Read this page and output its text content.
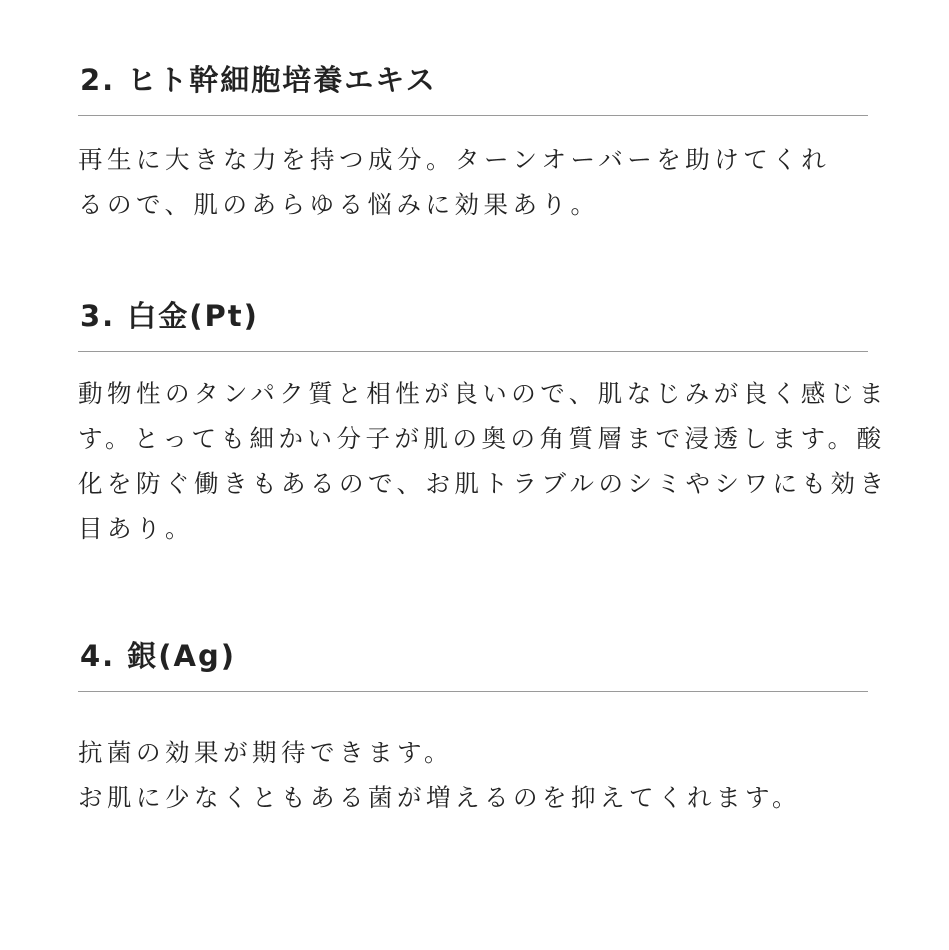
2. ヒト幹細胞培養エキス

再生に大きな力を持つ成分。ターンオーバーを助けてくれ
るので、肌のあらゆる悩みに効果あり。

3. 白金(Pt)

動物性のタンパク質と相性が良いので、肌なじみが良く感じま
す。とっても細かい分子が肌の奥の角質層まで浸透します。酸
化を防ぐ働きもあるので、お肌トラブルのシミやシワにも効き
目あり。

4. 銀(Ag)

抗菌の効果が期待できます。
お肌に少なくともある菌が増えるのを抑えてくれます。
